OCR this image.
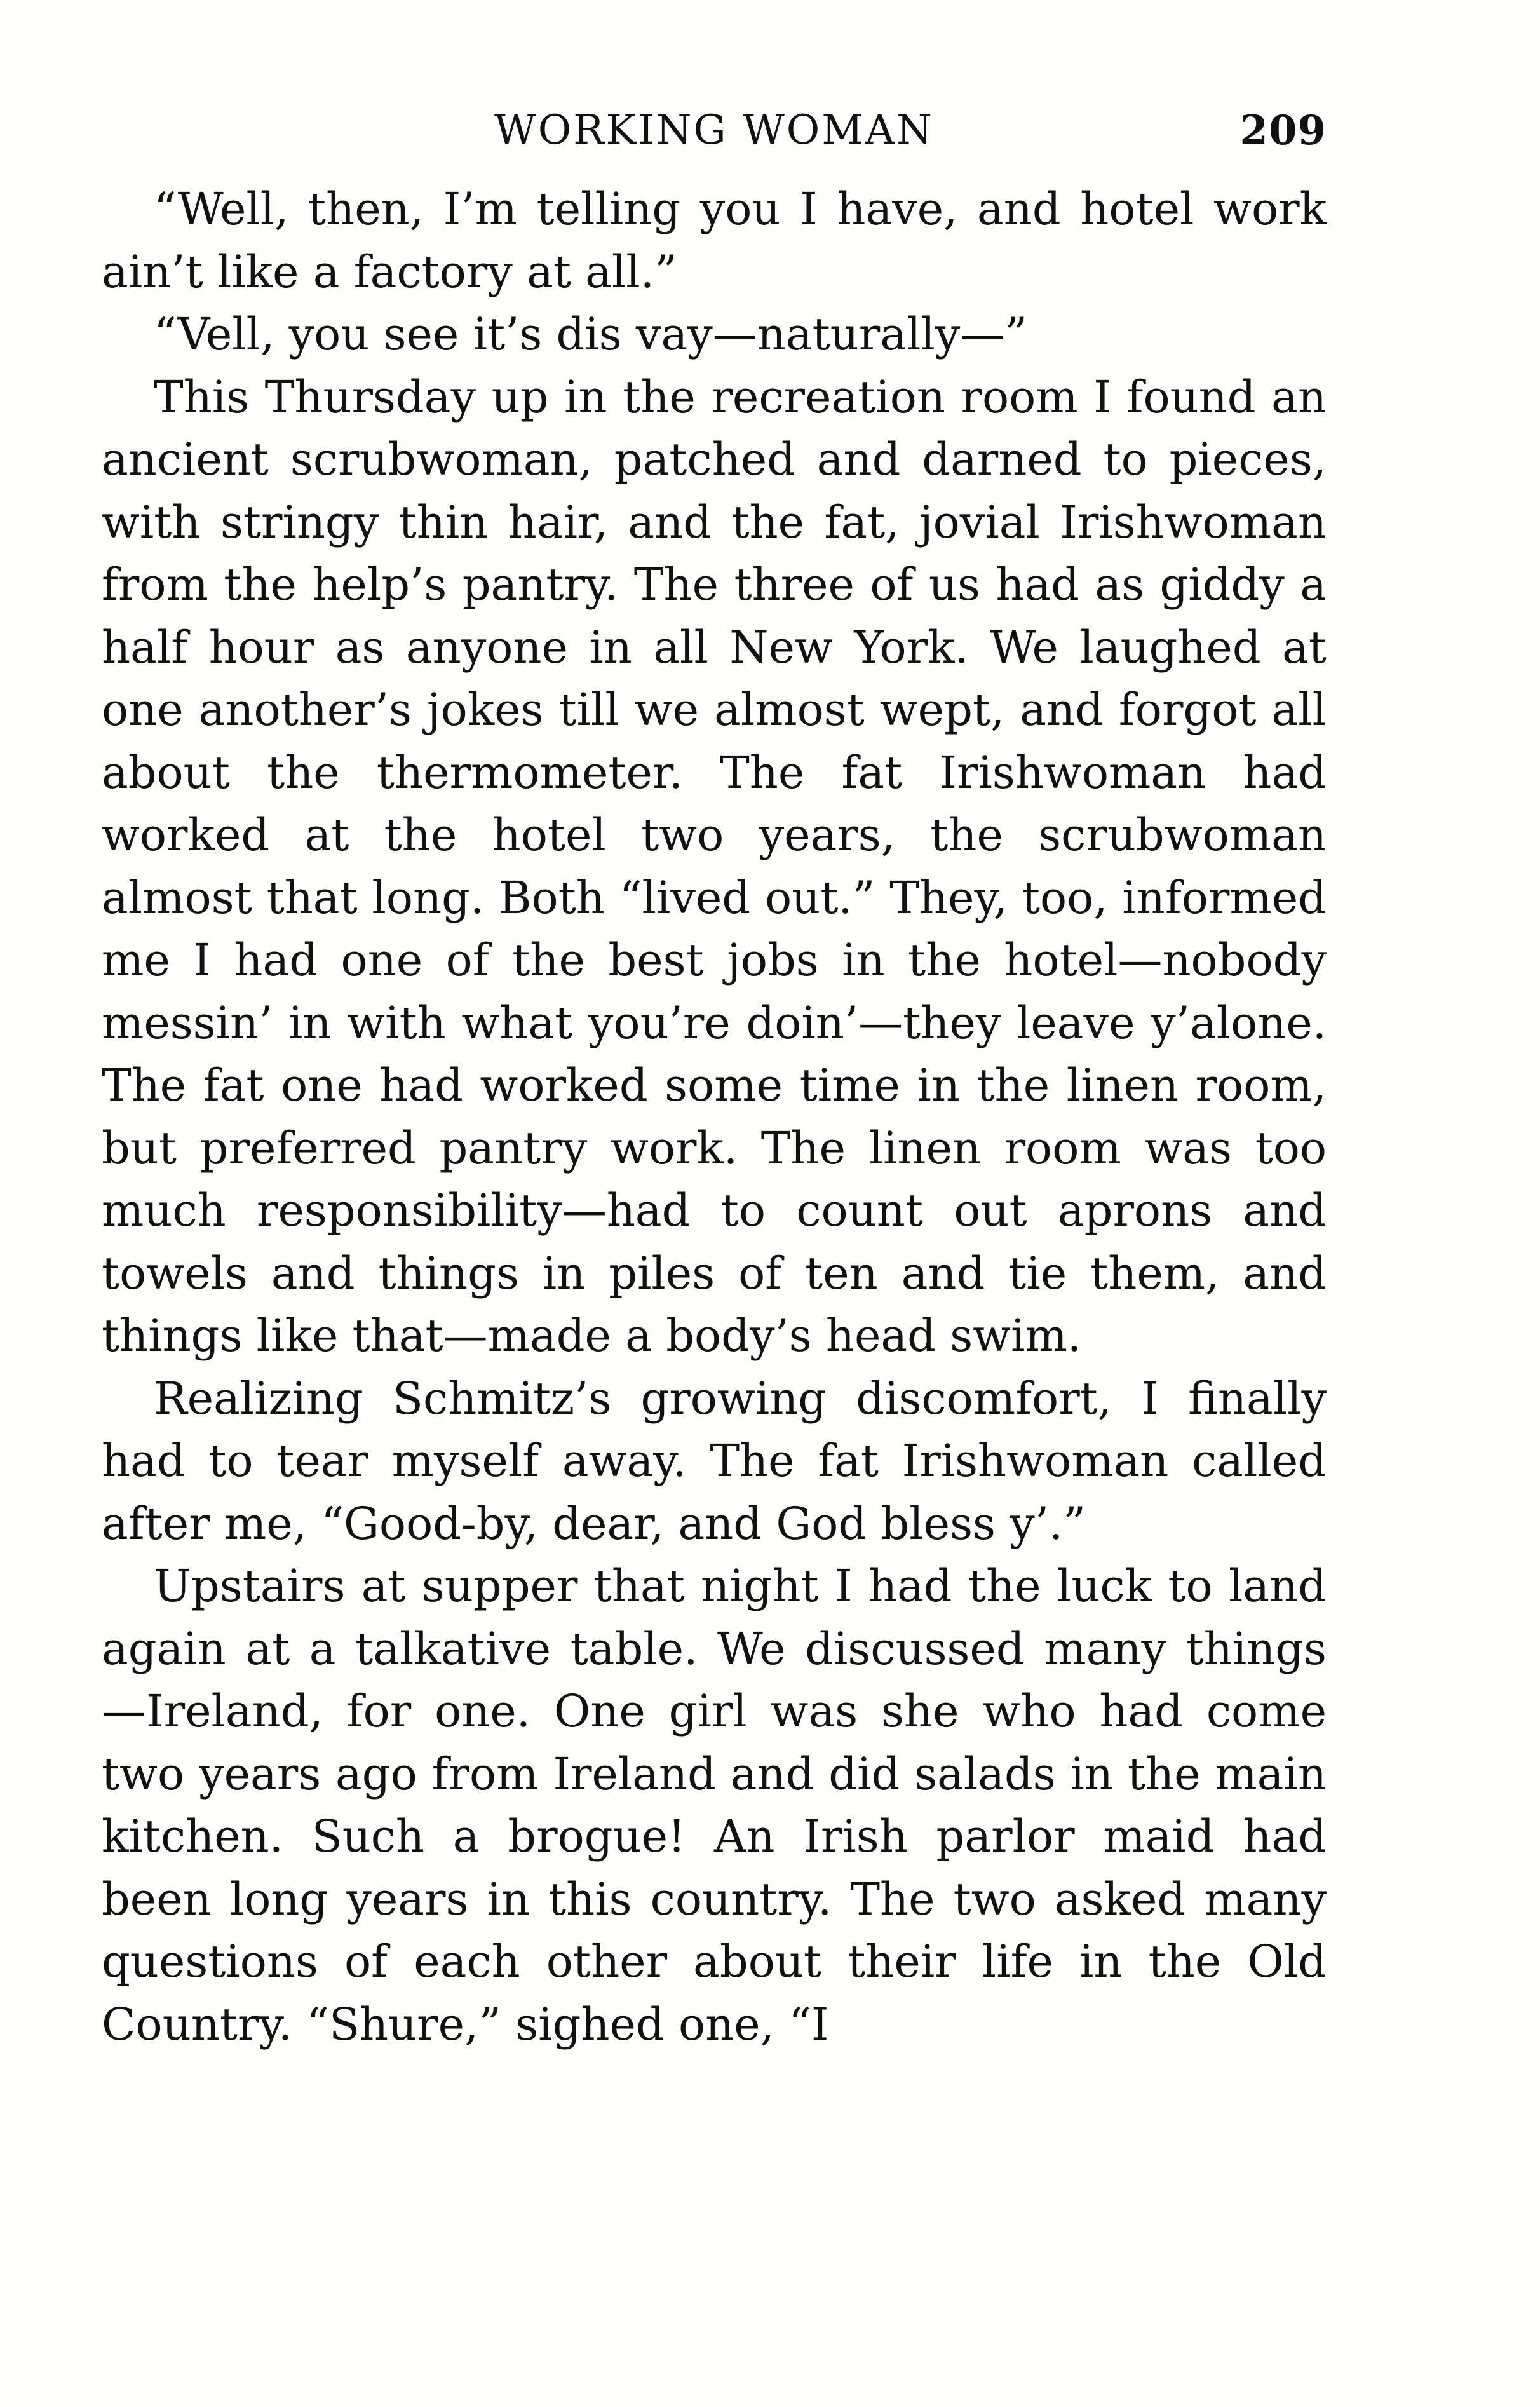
WORKING WOMAN	209

“Well, then, I’m telling you I have, and hotel work ain’t like a factory at all.”

“Vell, you see it’s dis vay—naturally—”

This Thursday up in the recreation room I found an ancient scrubwoman, patched and darned to pieces, with stringy thin hair, and the fat, jovial Irishwoman from the help’s pantry. The three of us had as giddy a half hour as anyone in all New York. We laughed at one another’s jokes till we almost wept, and forgot all about the thermometer. The fat Irishwoman had worked at the hotel two years, the scrubwoman almost that long. Both “lived out.” They, too, informed me I had one of the best jobs in the hotel—nobody messin’ in with what you’re doin’—they leave y’alone. The fat one had worked some time in the linen room, but preferred pantry work. The linen room was too much responsibility—had to count out aprons and towels and things in piles of ten and tie them, and things like that—made a body’s head swim.

Realizing Schmitz’s growing discomfort, I finally had to tear myself away. The fat Irishwoman called after me, “Good-by, dear, and God bless y’.”

Upstairs at supper that night I had the luck to land again at a talkative table. We discussed many things—Ireland, for one. One girl was she who had come two years ago from Ireland and did salads in the main kitchen. Such a brogue! An Irish parlor maid had been long years in this country. The two asked many questions of each other about their life in the Old Country. “Shure,” sighed one, “I
